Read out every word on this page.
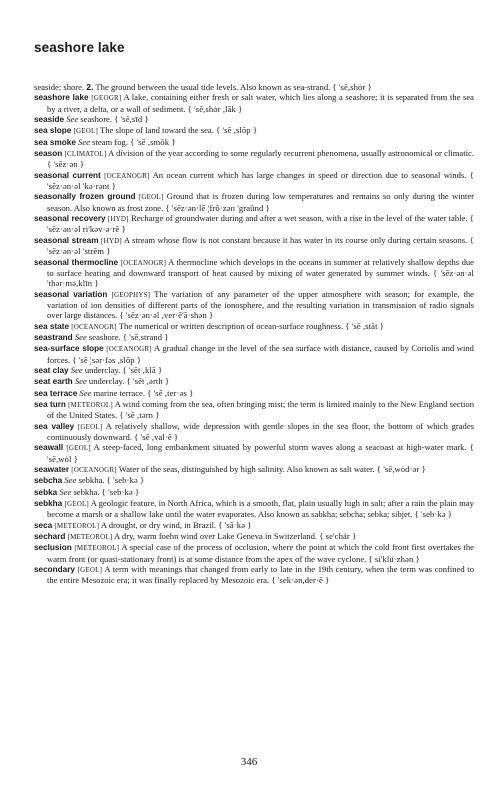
seashore lake

seaside; shore. 2. The ground between the usual tide levels. Also known as sea-strand. { 'sē,shȯr }

seashore lake [GEOGR] A lake, containing either fresh or salt water, which lies along a seashore; it is separated from the sea by a river, a delta, or a wall of sediment. { 'sē,shȯr ,lāk }

seaside See seashore. { 'sē,sīd }

sea slope [GEOL] The slope of land toward the sea. { 'sē ,slōp }

sea smoke See steam fog. { 'sē ,smōk }

season [CLIMATOL] A division of the year according to some regularly recurrent phenomena, usually astronomical or climatic. { 'sēz·ən }

seasonal current [OCEANOGR] An ocean current which has large changes in speed or direction due to seasonal winds. { 'sēz·ən·əl 'kə·rənt }

seasonally frozen ground [GEOL] Ground that is frozen during low temperatures and remains so only during the winter season. Also known as frost zone. { 'sēz·ən·lē ¦frō·zən 'graůnd }

seasonal recovery [HYD] Recharge of groundwater during and after a wet season, with a rise in the level of the water table. { 'sēz·ən·əl ri'kəv·ə·rē }

seasonal stream [HYD] A stream whose flow is not constant because it has water in its course only during certain seasons. { 'sēz·ən·əl 'strēm }

seasonal thermocline [OCEANOGR] A thermocline which develops in the oceans in summer at relatively shallow depths due to surface heating and downward transport of heat caused by mixing of water generated by summer winds. { 'sēz·ən·əl 'thər·mə,klīn }

seasonal variation [GEOPHYS] The variation of any parameter of the upper atmosphere with season; for example, the variation of ion densities of different parts of the ionosphere, and the resulting variation in transmission of radio signals over large distances. { 'sēz·ən·əl ,ver·ē'ā·shən }

sea state [OCEANOGR] The numerical or written description of ocean-surface roughness. { 'sē ,stāt }

seastrand See seashore. { 'sē,strand }

sea-surface slope [OCEANOGR] A gradual change in the level of the sea surface with distance, caused by Coriolis and wind forces. { 'sē ¦sər·fəs ,slōp }

seat clay See underclay. { 'sēt ,klā }

seat earth See underclay. { 'sēt ,ərth }

sea terrace See marine terrace. { 'sē ,ter·əs }

sea turn [METEOROL] A wind coming from the sea, often bringing mist; the term is limited mainly to the New England section of the United States. { 'sē ,tərn }

sea valley [GEOL] A relatively shallow, wide depression with gentle slopes in the sea floor, the bottom of which grades continuously downward. { 'sē ,val·ē }

seawall [GEOL] A steep-faced, long embankment situated by powerful storm waves along a seacoast at high-water mark. { 'sē,wȯl }

seawater [OCEANOGR] Water of the seas, distinguished by high salinity. Also known as salt water. { 'sē,wȯd·ər }

sebcha See sebkha. { 'seb·kə }

sebka See sebkha. { 'seb·kə }

sebkha [GEOL] A geologic feature, in North Africa, which is a smooth, flat, plain usually high in salt; after a rain the plain may become a marsh or a shallow lake until the water evaporates. Also known as sabkha; sebcha; sebka; sibjet. { 'seb·kə }

seca [METEOROL] A drought, or dry wind, in Brazil. { 'sā·kə }

sechard [METEOROL] A dry, warm foehn wind over Lake Geneva in Switzerland. { se'chär }

seclusion [METEOROL] A special case of the process of occlusion, where the point at which the cold front first overtakes the warm front (or quasi-stationary front) is at some distance from the apex of the wave cyclone. { si'klü·zhən }

secondary [GEOL] A term with meanings that changed from early to late in the 19th century, when the term was confined to the entire Mesozoic era; it was finally replaced by Mesozoic era. { 'sek·ən,der·ē }

346
